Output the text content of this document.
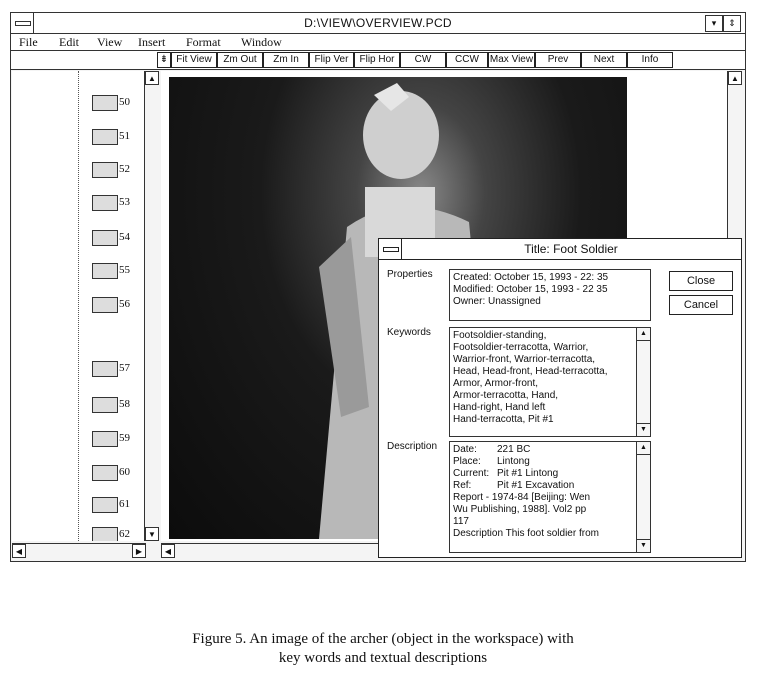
D:\VIEW\OVERVIEW.PCD	▾	⇕
File Edit View Insert Format Window
⇟ Fit View	Zm Out	Zm In	Flip Ver	Flip Hor	CW	CCW	Max View	Prev	Next	Info
50
51
52
53
54
55
56
57
58
59
60
61
62
▲
▼
◀	▶
▲
◀
Title: Foot Soldier
Properties Created: October 15, 1993 - 22: 35
Modified: October 15, 1993 - 22 35
Owner: Unassigned
Close
Cancel
Keywords Footsoldier-standing,
Footsoldier-terracotta, Warrior,
Warrior-front, Warrior-terracotta,
Head, Head-front, Head-terracotta,
Armor, Armor-front,
Armor-terracotta, Hand,
Hand-right, Hand left
Hand-terracotta, Pit #1
▲
▼
Description Date:	221 BC
Place:	Lintong
Current: Pit #1 Lintong
Ref:	Pit #1 Excavation
Report - 1974-84 [Beijing: Wen
Wu Publishing, 1988]. Vol2 pp
117
Description This foot soldier from
▲
▼
Figure 5. An image of the archer (object in the workspace) with
key words and textual descriptions
